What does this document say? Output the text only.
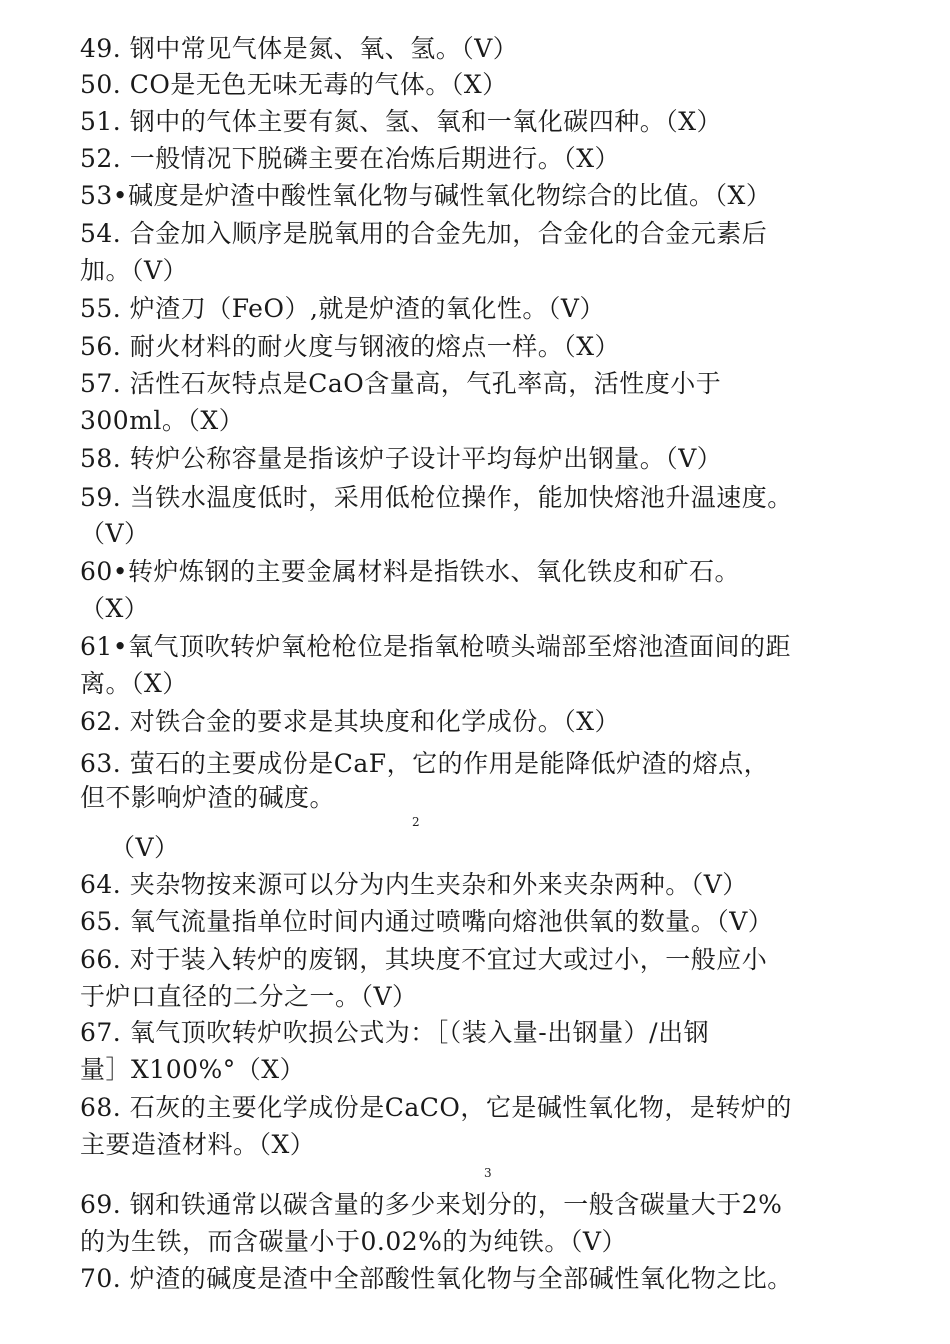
49. 钢中常见气体是氮、氧、氢。（V）
50. CO是无色无味无毒的气体。（X）
51. 钢中的气体主要有氮、氢、氧和一氧化碳四种。（X）
52. 一般情况下脱磷主要在冶炼后期进行。（X）
53•碱度是炉渣中酸性氧化物与碱性氧化物综合的比值。（X）
54. 合金加入顺序是脱氧用的合金先加，合金化的合金元素后
加。（V）
55. 炉渣刀（FeO）,就是炉渣的氧化性。（V）
56. 耐火材料的耐火度与钢液的熔点一样。（X）
57. 活性石灰特点是CaO含量高，气孔率高，活性度小于
300ml。（X）
58. 转炉公称容量是指该炉子设计平均每炉出钢量。（V）
59. 当铁水温度低时，采用低枪位操作，能加快熔池升温速度。
（V）
60•转炉炼钢的主要金属材料是指铁水、氧化铁皮和矿石。
（X）
61•氧气顶吹转炉氧枪枪位是指氧枪喷头端部至熔池渣面间的距
离。（X）
62. 对铁合金的要求是其块度和化学成份。（X）
63. 萤石的主要成份是CaF，它的作用是能降低炉渣的熔点，
但不影响炉渣的碱度。
2
（V）
64. 夹杂物按来源可以分为内生夹杂和外来夹杂两种。（V）
65. 氧气流量指单位时间内通过喷嘴向熔池供氧的数量。（V）
66. 对于装入转炉的废钢，其块度不宜过大或过小，一般应小
于炉口直径的二分之一。（V）
67. 氧气顶吹转炉吹损公式为：［（装入量-出钢量）/出钢
量］X100%°（X）
68. 石灰的主要化学成份是CaCO，它是碱性氧化物，是转炉的
主要造渣材料。（X）
3
69. 钢和铁通常以碳含量的多少来划分的，一般含碳量大于2%
的为生铁，而含碳量小于0.02%的为纯铁。（V）
70. 炉渣的碱度是渣中全部酸性氧化物与全部碱性氧化物之比。
